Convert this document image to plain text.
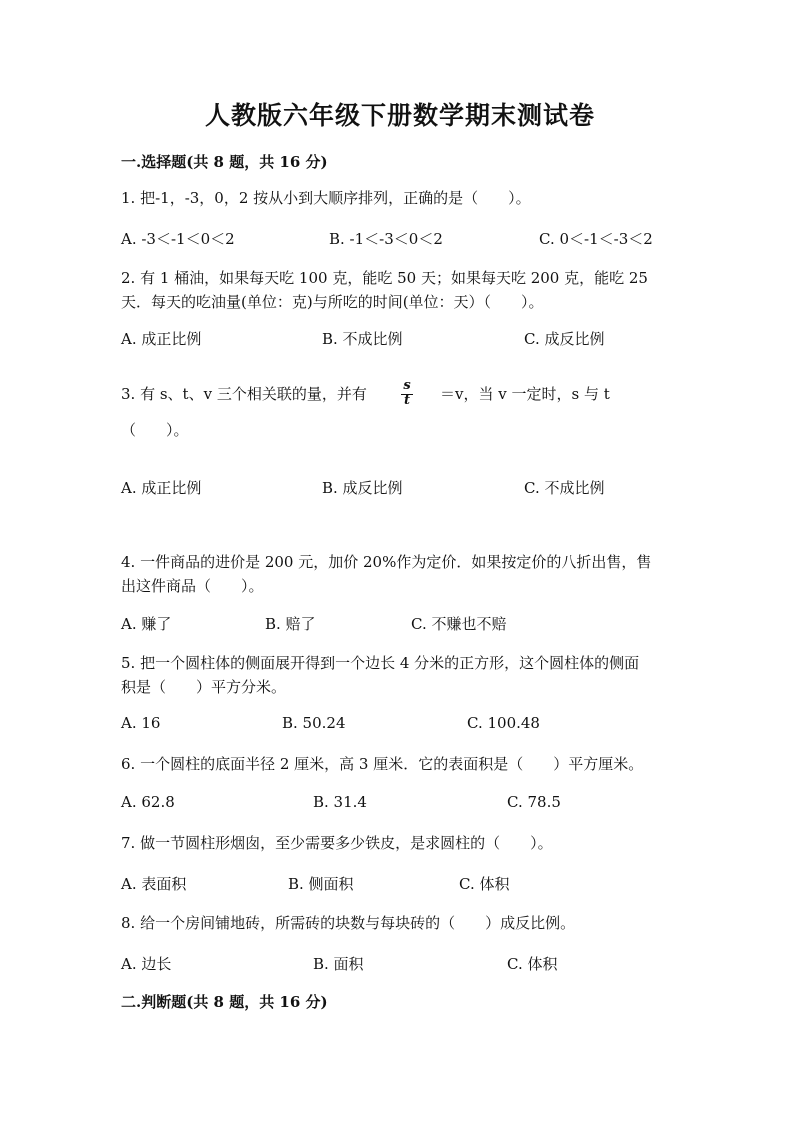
人教版六年级下册数学期末测试卷
一.选择题(共 8 题，共 16 分)
1. 把-1，-3，0，2 按从小到大顺序排列，正确的是（　　）。
A. -3＜-1＜0＜2	B. -1＜-3＜0＜2	C. 0＜-1＜-3＜2
2. 有 1 桶油，如果每天吃 100 克，能吃 50 天；如果每天吃 200 克，能吃 25
天．每天的吃油量(单位：克)与所吃的时间(单位：天）（　　）。
A. 成正比例	B. 不成比例	C. 成反比例
3. 有 s、t、v 三个相关联的量，并有	s
t ＝v，当 v 一定时，s 与 t
（　　）。
A. 成正比例	B. 成反比例	C. 不成比例
4. 一件商品的进价是 200 元，加价 20%作为定价．如果按定价的八折出售，售
出这件商品（　　）。
A. 赚了	B. 赔了	C. 不赚也不赔
5. 把一个圆柱体的侧面展开得到一个边长 4 分米的正方形，这个圆柱体的侧面
积是（　　）平方分米。
A. 16	B. 50.24	C. 100.48
6. 一个圆柱的底面半径 2 厘米，高 3 厘米．它的表面积是（　　）平方厘米。
A. 62.8	B. 31.4	C. 78.5
7. 做一节圆柱形烟囱，至少需要多少铁皮，是求圆柱的（　　）。
A. 表面积	B. 侧面积	C. 体积
8. 给一个房间铺地砖，所需砖的块数与每块砖的（　　）成反比例。
A. 边长	B. 面积	C. 体积
二.判断题(共 8 题，共 16 分)
